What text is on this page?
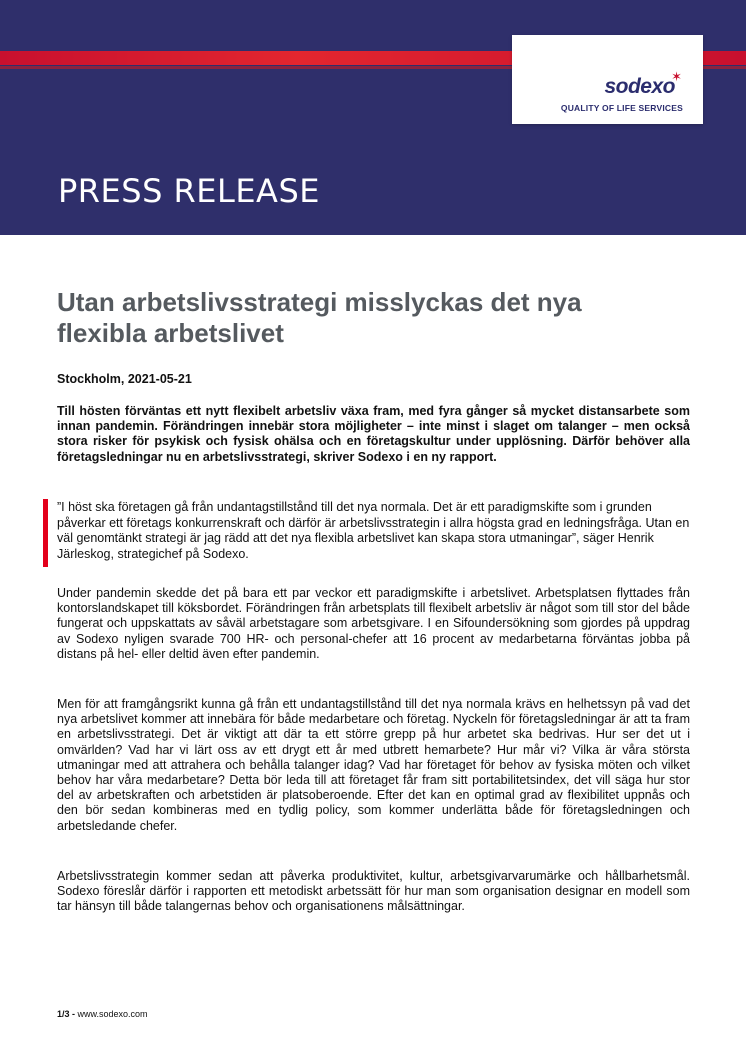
sodexo
✶
QUALITY OF LIFE SERVICES
PRESS RELEASE
Utan arbetslivsstrategi misslyckas det nya flexibla arbetslivet
Stockholm, 2021-05-21
Till hösten förväntas ett nytt flexibelt arbetsliv växa fram, med fyra gånger så mycket distansarbete som innan pandemin. Förändringen innebär stora möjligheter – inte minst i slaget om talanger – men också stora risker för psykisk och fysisk ohälsa och en företagskultur under upplösning. Därför behöver alla företagsledningar nu en arbetslivsstrategi, skriver Sodexo i en ny rapport.
”I höst ska företagen gå från undantagstillstånd till det nya normala. Det är ett paradigmskifte som i grunden påverkar ett företags konkurrenskraft och därför är arbetslivsstrategin i allra högsta grad en ledningsfråga. Utan en väl genomtänkt strategi är jag rädd att det nya flexibla arbetslivet kan skapa stora utmaningar”, säger Henrik Järleskog, strategichef på Sodexo.
Under pandemin skedde det på bara ett par veckor ett paradigmskifte i arbetslivet. Arbetsplatsen flyttades från kontorslandskapet till köksbordet. Förändringen från arbetsplats till flexibelt arbetsliv är något som till stor del både fungerat och uppskattats av såväl arbetstagare som arbetsgivare. I en Sifoundersökning som gjordes på uppdrag av Sodexo nyligen svarade 700 HR- och personal-chefer att 16 procent av medarbetarna förväntas jobba på distans på hel- eller deltid även efter pandemin.
Men för att framgångsrikt kunna gå från ett undantagstillstånd till det nya normala krävs en helhetssyn på vad det nya arbetslivet kommer att innebära för både medarbetare och företag. Nyckeln för företagsledningar är att ta fram en arbetslivsstrategi. Det är viktigt att där ta ett större grepp på hur arbetet ska bedrivas. Hur ser det ut i omvärlden? Vad har vi lärt oss av ett drygt ett år med utbrett hemarbete? Hur mår vi? Vilka är våra största utmaningar med att attrahera och behålla talanger idag? Vad har företaget för behov av fysiska möten och vilket behov har våra medarbetare? Detta bör leda till att företaget får fram sitt portabilitetsindex, det vill säga hur stor del av arbetskraften och arbetstiden är platsoberoende. Efter det kan en optimal grad av flexibilitet uppnås och den bör sedan kombineras med en tydlig policy, som kommer underlätta både för företagsledningen och arbetsledande chefer.
Arbetslivsstrategin kommer sedan att påverka produktivitet, kultur, arbetsgivarvarumärke och hållbarhetsmål. Sodexo föreslår därför i rapporten ett metodiskt arbetssätt för hur man som organisation designar en modell som tar hänsyn till både talangernas behov och organisationens målsättningar.
1/3 - www.sodexo.com
